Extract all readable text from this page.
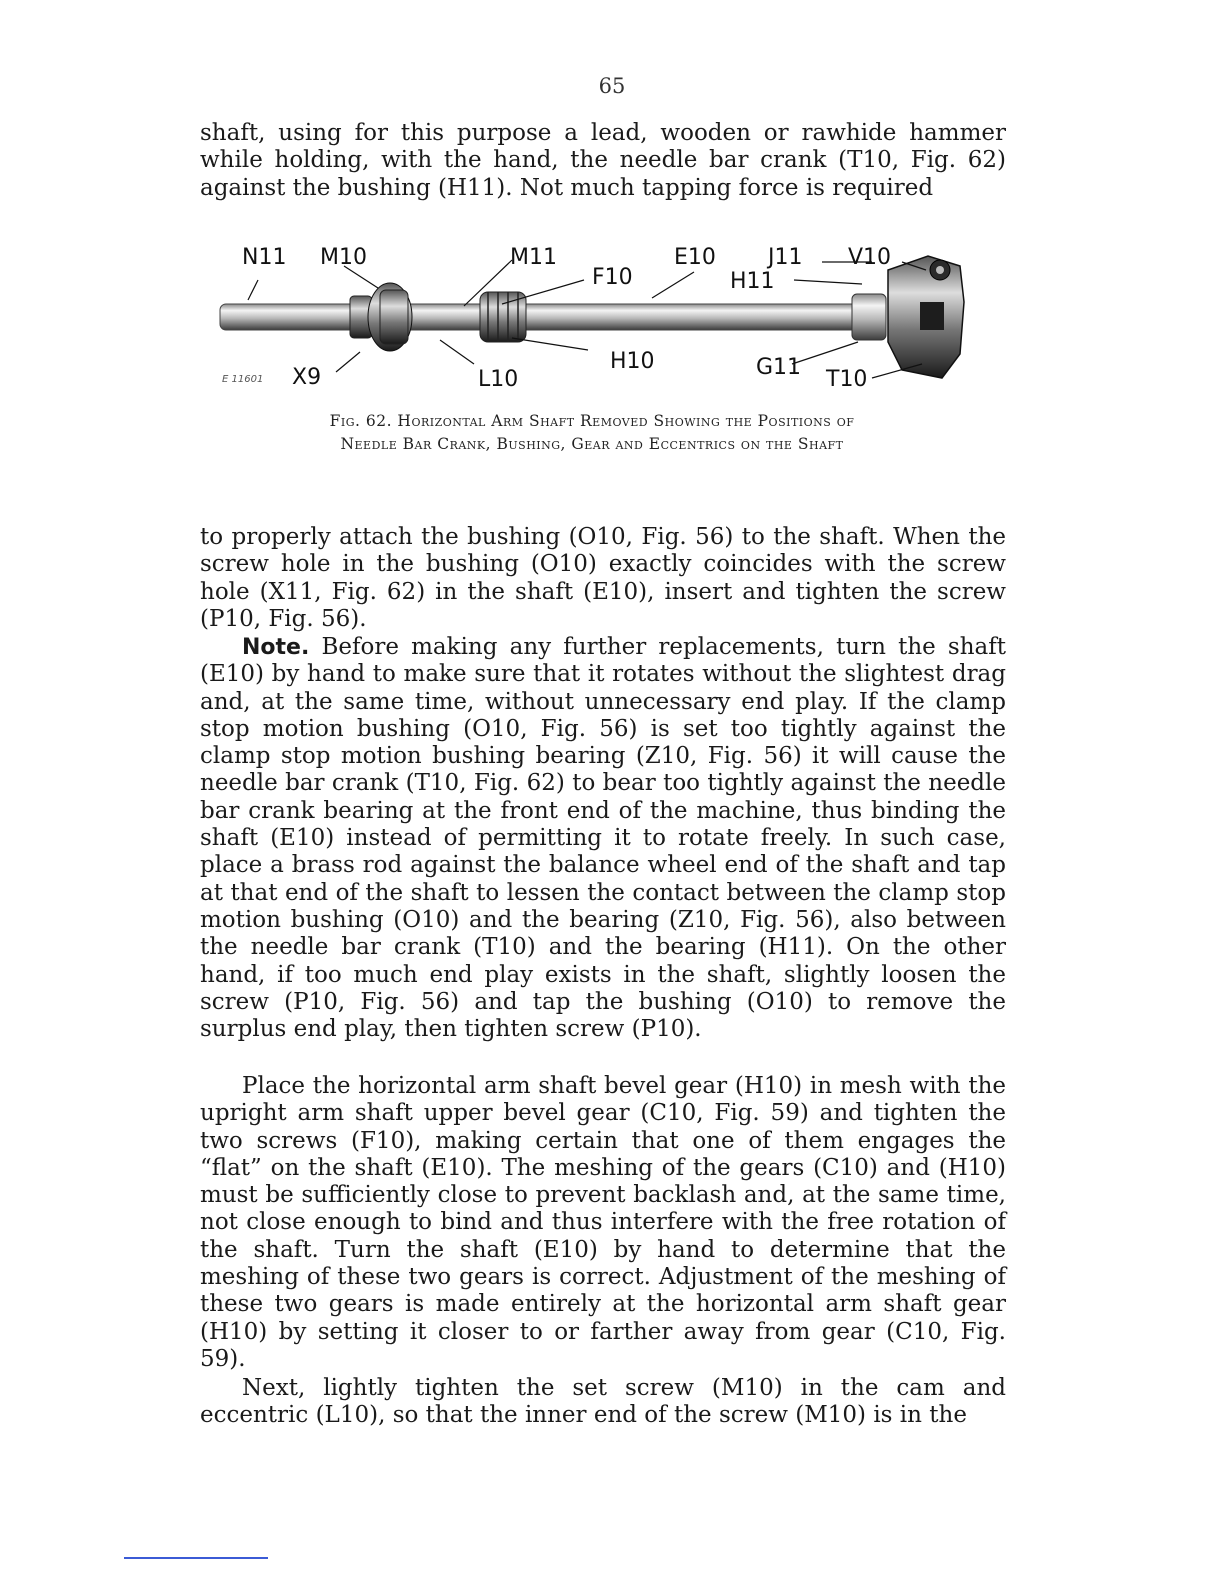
65

shaft, using for this purpose a lead, wooden or rawhide hammer while holding, with the hand, the needle bar crank (T10, Fig. 62) against the bushing (H11). Not much tapping force is required

N11 M10	M11
F10
E10
H11
J11 V10
E 11601 X9	L10
H10	G11 T10

Fig. 62. Horizontal Arm Shaft Removed Showing the Positions of

Needle Bar Crank, Bushing, Gear and Eccentrics on the Shaft

to properly attach the bushing (O10, Fig. 56) to the shaft. When the screw hole in the bushing (O10) exactly coincides with the screw hole (X11, Fig. 62) in the shaft (E10), insert and tighten the screw (P10, Fig. 56).

Note. Before making any further replacements, turn the shaft (E10) by hand to make sure that it rotates without the slightest drag and, at the same time, without unnecessary end play. If the clamp stop motion bushing (O10, Fig. 56) is set too tightly against the clamp stop motion bushing bearing (Z10, Fig. 56) it will cause the needle bar crank (T10, Fig. 62) to bear too tightly against the needle bar crank bearing at the front end of the machine, thus binding the shaft (E10) instead of permitting it to rotate freely. In such case, place a brass rod against the balance wheel end of the shaft and tap at that end of the shaft to lessen the contact between the clamp stop motion bushing (O10) and the bearing (Z10, Fig. 56), also between the needle bar crank (T10) and the bearing (H11). On the other hand, if too much end play exists in the shaft, slightly loosen the screw (P10, Fig. 56) and tap the bushing (O10) to remove the surplus end play, then tighten screw (P10).

Place the horizontal arm shaft bevel gear (H10) in mesh with the upright arm shaft upper bevel gear (C10, Fig. 59) and tighten the two screws (F10), making certain that one of them engages the “flat” on the shaft (E10). The meshing of the gears (C10) and (H10) must be sufficiently close to prevent backlash and, at the same time, not close enough to bind and thus interfere with the free rotation of the shaft. Turn the shaft (E10) by hand to determine that the meshing of these two gears is correct. Adjustment of the meshing of these two gears is made entirely at the horizontal arm shaft gear (H10) by setting it closer to or farther away from gear (C10, Fig. 59).

Next, lightly tighten the set screw (M10) in the cam and eccentric (L10), so that the inner end of the screw (M10) is in the
